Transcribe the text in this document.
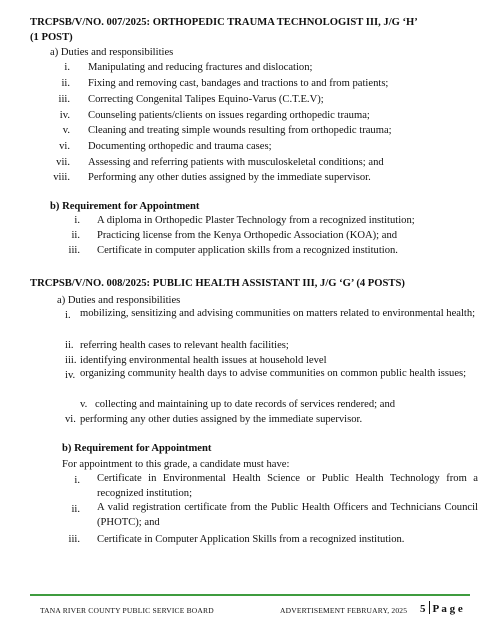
TRCPSB/V/NO. 007/2025: ORTHOPEDIC TRAUMA TECHNOLOGIST III, J/G ‘H’
(1 POST)
a) Duties and responsibilities
i. Manipulating and reducing fractures and dislocation;
ii. Fixing and removing cast, bandages and tractions to and from patients;
iii. Correcting Congenital Talipes Equino-Varus (C.T.E.V);
iv. Counseling patients/clients on issues regarding orthopedic trauma;
v. Cleaning and treating simple wounds resulting from orthopedic trauma;
vi. Documenting orthopedic and trauma cases;
vii. Assessing and referring patients with musculoskeletal conditions; and
viii. Performing any other duties assigned by the immediate supervisor.
b) Requirement for Appointment
i. A diploma in Orthopedic Plaster Technology from a recognized institution;
ii. Practicing license from the Kenya Orthopedic Association (KOA); and
iii. Certificate in computer application skills from a recognized institution.
TRCPSB/V/NO. 008/2025: PUBLIC HEALTH ASSISTANT III, J/G ‘G’ (4 POSTS)
a) Duties and responsibilities
i. mobilizing, sensitizing and advising communities on matters related to environmental health;
ii. referring health cases to relevant health facilities;
iii. identifying environmental health issues at household level
iv. organizing community health days to advise communities on common public health issues;
v. collecting and maintaining up to date records of services rendered; and
vi. performing any other duties assigned by the immediate supervisor.
b) Requirement for Appointment
For appointment to this grade, a candidate must have:
i. Certificate in Environmental Health Science or Public Health Technology from a recognized institution;
ii. A valid registration certificate from the Public Health Officers and Technicians Council (PHOTC); and
iii. Certificate in Computer Application Skills from a recognized institution.
TANA RIVER COUNTY PUBLIC SERVICE BOARD	ADVERTISEMENT FEBRUARY, 2025 5 P a g e
